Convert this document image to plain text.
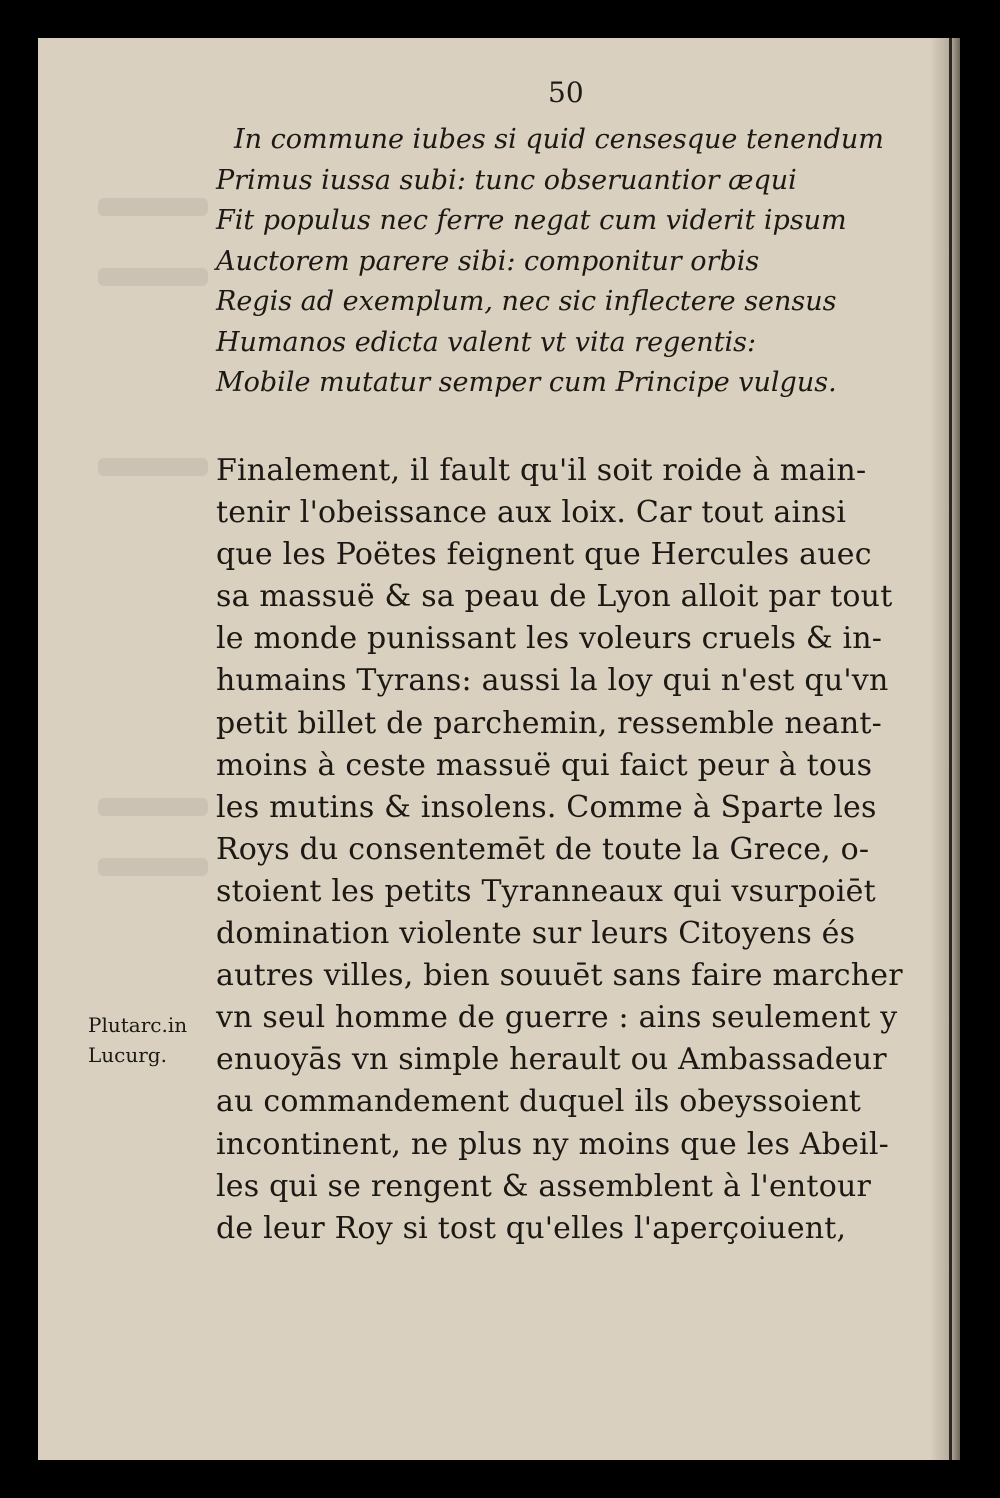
50
In commune iubes si quid censesque tenendum
Primus iussa subi: tunc obseruantior æqui
Fit populus nec ferre negat cum viderit ipsum
Auctorem parere sibi: componitur orbis
Regis ad exemplum, nec sic inflectere sensus
Humanos edicta valent vt vita regentis:
Mobile mutatur semper cum Principe vulgus.
Finalement, il fault qu'il soit roide à main-
tenir l'obeissance aux loix. Car tout ainsi
que les Poëtes feignent que Hercules auec
sa massuë & sa peau de Lyon alloit par tout
le monde punissant les voleurs cruels & in-
humains Tyrans: aussi la loy qui n'est qu'vn
petit billet de parchemin, ressemble neant-
moins à ceste massuë qui faict peur à tous
les mutins & insolens. Comme à Sparte les
Roys du consentemēt de toute la Grece, o-
stoient les petits Tyranneaux qui vsurpoiēt
domination violente sur leurs Citoyens és
autres villes, bien souuēt sans faire marcher
vn seul homme de guerre : ains seulement y
enuoyās vn simple herault ou Ambassadeur
au commandement duquel ils obeyssoient
incontinent, ne plus ny moins que les Abeil-
les qui se rengent & assemblent à l'entour
de leur Roy si tost qu'elles l'aperçoiuent,
Plutarc.in
Lucurg.
